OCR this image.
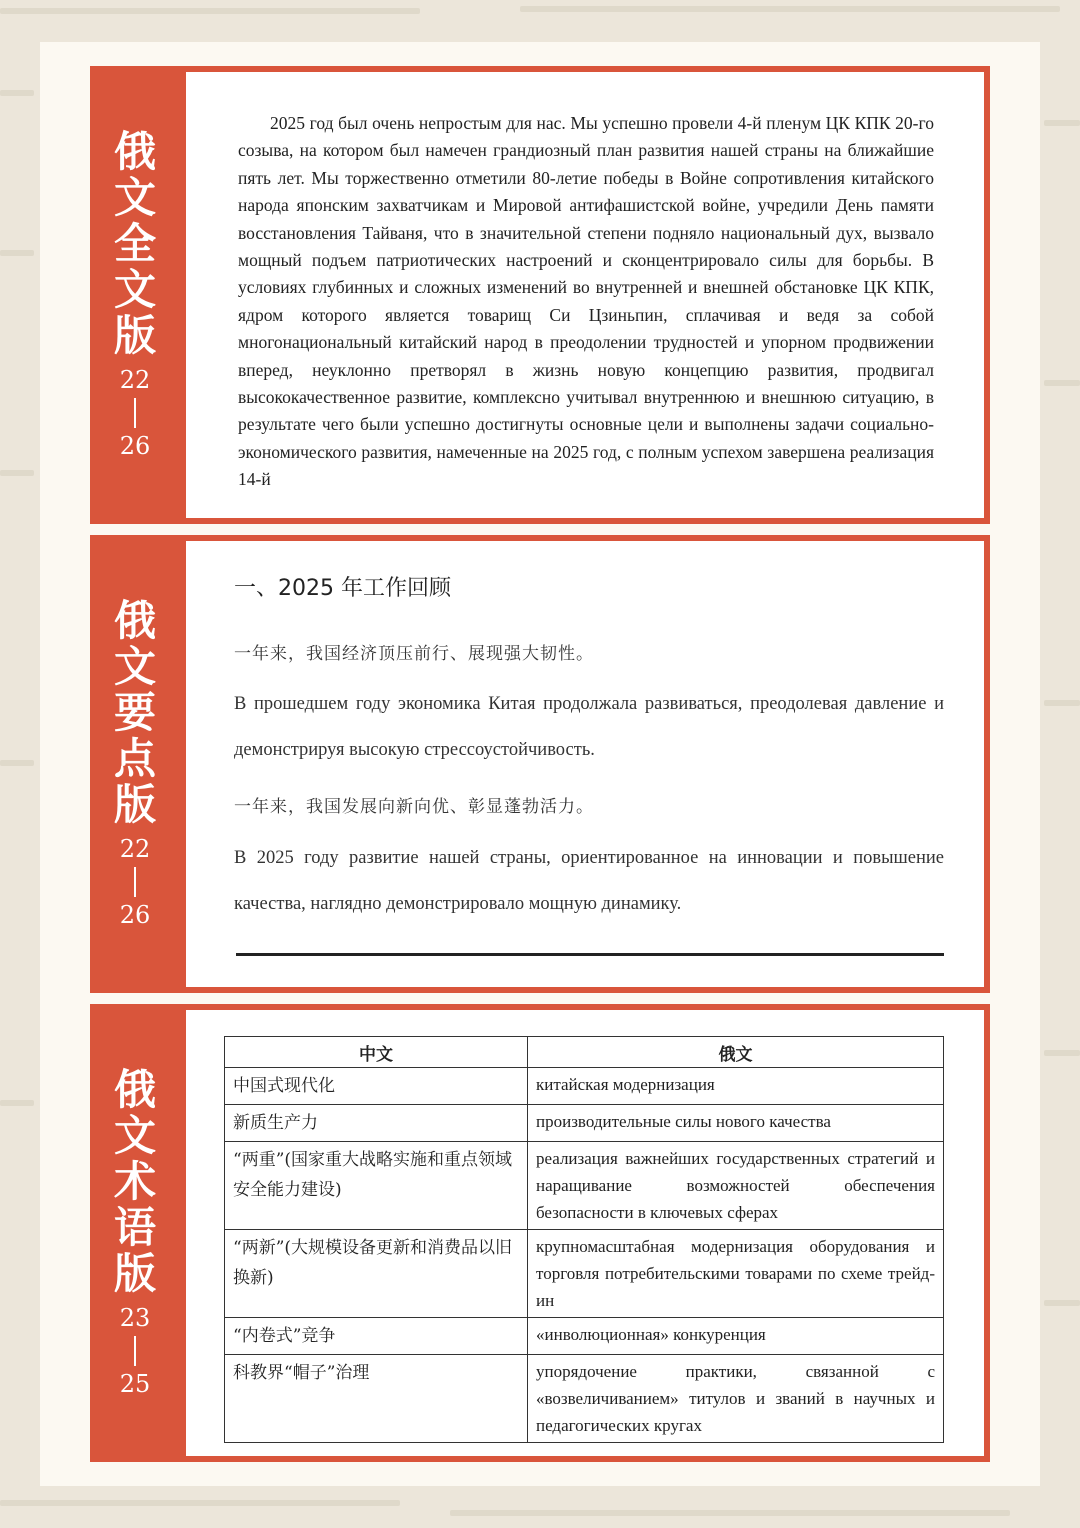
俄文全文版
22
26
2025 год был очень непростым для нас. Мы успешно провели 4-й пленум ЦК КПК 20-го созыва, на котором был намечен грандиозный план развития нашей страны на ближайшие пять лет. Мы торжественно отметили 80-летие победы в Войне сопротивления китайского народа японским захватчикам и Мировой антифашистской войне, учредили День памяти восстановления Тайваня, что в значительной степени подняло национальный дух, вызвало мощный подъем патриотических настроений и сконцентрировало силы для борьбы. В условиях глубинных и сложных изменений во внутренней и внешней обстановке ЦК КПК, ядром которого является товарищ Си Цзиньпин, сплачивая и ведя за собой многонациональный китайский народ в преодолении трудностей и упорном продвижении вперед, неуклонно претворял в жизнь новую концепцию развития, продвигал высококачественное развитие, комплексно учитывал внутреннюю и внешнюю ситуацию, в результате чего были успешно достигнуты основные цели и выполнены задачи социально-экономического развития, намеченные на 2025 год, с полным успехом завершена реализация 14-й
俄文要点版
22
26
一、2025 年工作回顾
一年来，我国经济顶压前行、展现强大韧性。
В прошедшем году экономика Китая продолжала развиваться, преодолевая давление и демонстрируя высокую стрессоустойчивость.
一年来，我国发展向新向优、彰显蓬勃活力。
В 2025 году развитие нашей страны, ориентированное на инновации и повышение качества, наглядно демонстрировало мощную динамику.
俄文术语版
23
25
中文	俄文
中国式现代化	китайская модернизация
新质生产力	производительные силы нового качества
“两重”(国家重大战略实施和重点领域安全能力建设)	реализация важнейших государственных стратегий и наращивание возможностей обеспечения безопасности в ключевых сферах
“两新”(大规模设备更新和消费品以旧换新)	крупномасштабная модернизация оборудования и торговля потребительскими товарами по схеме трейд-ин
“内卷式”竞争	«инволюционная» конкуренция
科教界“帽子”治理	упорядочение практики, связанной с «возвеличиванием» титулов и званий в научных и педагогических кругах
